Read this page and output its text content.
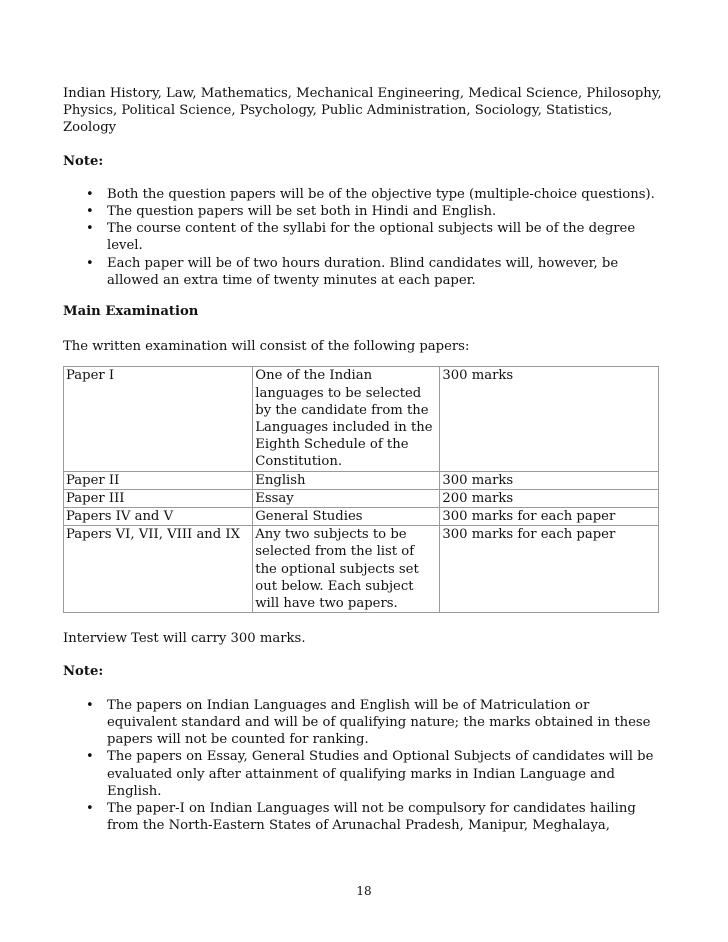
Indian History, Law, Mathematics, Mechanical Engineering, Medical Science, Philosophy, Physics, Political Science, Psychology, Public Administration, Sociology, Statistics, Zoology

Note:

• Both the question papers will be of the objective type (multiple-choice questions).
• The question papers will be set both in Hindi and English.
• The course content of the syllabi for the optional subjects will be of the degree level.
• Each paper will be of two hours duration. Blind candidates will, however, be allowed an extra time of twenty minutes at each paper.

Main Examination

The written examination will consist of the following papers:

Paper I	One of the Indian languages to be selected by the candidate from the Languages included in the Eighth Schedule of the Constitution.	300 marks
Paper II	English	300 marks
Paper III	Essay	200 marks
Papers IV and V	General Studies	300 marks for each paper
Papers VI, VII, VIII and IX	Any two subjects to be selected from the list of the optional subjects set out below. Each subject will have two papers.	300 marks for each paper

Interview Test will carry 300 marks.

Note:

• The papers on Indian Languages and English will be of Matriculation or equivalent standard and will be of qualifying nature; the marks obtained in these papers will not be counted for ranking.
• The papers on Essay, General Studies and Optional Subjects of candidates will be evaluated only after attainment of qualifying marks in Indian Language and English.
• The paper-I on Indian Languages will not be compulsory for candidates hailing from the North-Eastern States of Arunachal Pradesh, Manipur, Meghalaya,
18
